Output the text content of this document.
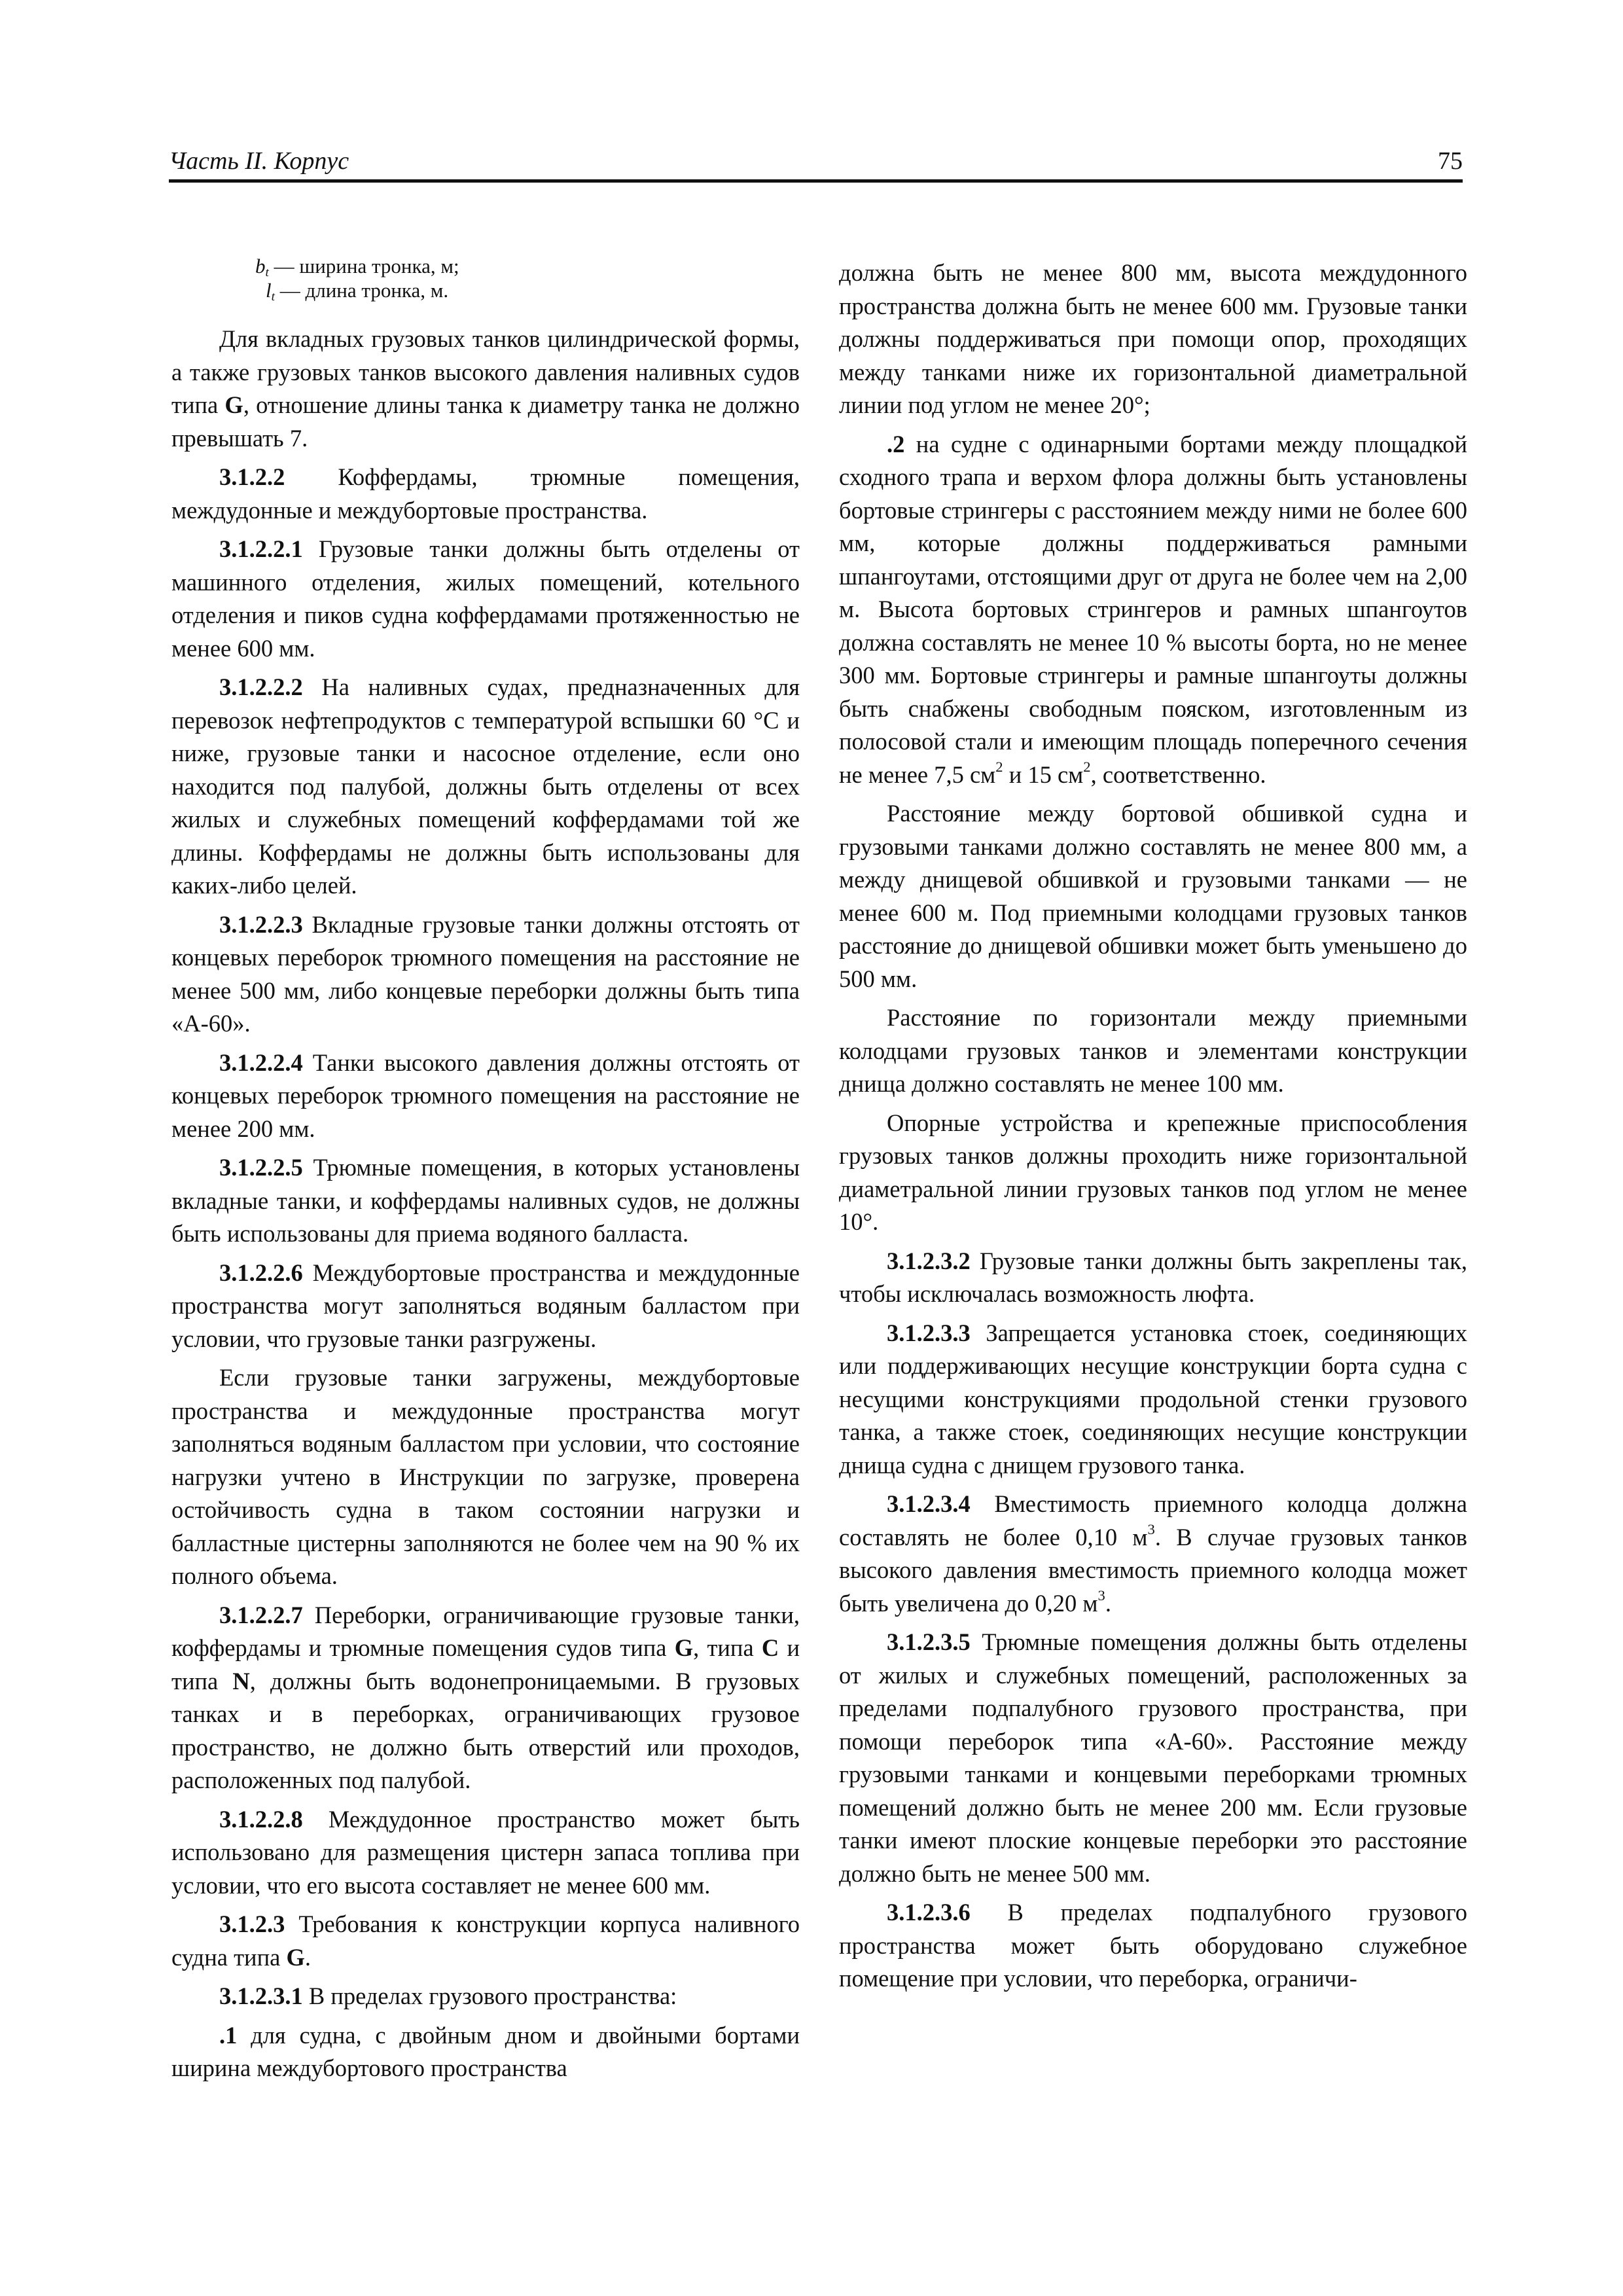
Часть II. Корпус	75
$b_t$ — ширина тронка, м;
$l_t$ — длина тронка, м.

Для вкладных грузовых танков цилиндрической формы, а также грузовых танков высокого давления наливных судов типа G, отношение длины танка к диаметру танка не должно превышать 7.

3.1.2.2 Коффердамы, трюмные помещения, междудонные и междубортовые пространства.

3.1.2.2.1 Грузовые танки должны быть отделены от машинного отделения, жилых помещений, котельного отделения и пиков судна коффердамами протяженностью не менее 600 мм.

3.1.2.2.2 На наливных судах, предназначенных для перевозок нефтепродуктов с температурой вспышки 60 °C и ниже, грузовые танки и насосное отделение, если оно находится под палубой, должны быть отделены от всех жилых и служебных помещений коффердамами той же длины. Коффердамы не должны быть использованы для каких-либо целей.

3.1.2.2.3 Вкладные грузовые танки должны отстоять от концевых переборок трюмного помещения на расстояние не менее 500 мм, либо концевые переборки должны быть типа «А-60».

3.1.2.2.4 Танки высокого давления должны отстоять от концевых переборок трюмного помещения на расстояние не менее 200 мм.

3.1.2.2.5 Трюмные помещения, в которых установлены вкладные танки, и коффердамы наливных судов, не должны быть использованы для приема водяного балласта.

3.1.2.2.6 Междубортовые пространства и междудонные пространства могут заполняться водяным балластом при условии, что грузовые танки разгружены.

Если грузовые танки загружены, междубортовые пространства и междудонные пространства могут заполняться водяным балластом при условии, что состояние нагрузки учтено в Инструкции по загрузке, проверена остойчивость судна в таком состоянии нагрузки и балластные цистерны заполняются не более чем на 90 % их полного объема.

3.1.2.2.7 Переборки, ограничивающие грузовые танки, коффердамы и трюмные помещения судов типа G, типа C и типа N, должны быть водонепроницаемыми. В грузовых танках и в переборках, ограничивающих грузовое пространство, не должно быть отверстий или проходов, расположенных под палубой.

3.1.2.2.8 Междудонное пространство может быть использовано для размещения цистерн запаса топлива при условии, что его высота составляет не менее 600 мм.

3.1.2.3 Требования к конструкции корпуса наливного судна типа G.

3.1.2.3.1 В пределах грузового пространства:

.1 для судна, с двойным дном и двойными бортами ширина междубортового пространства

должна быть не менее 800 мм, высота междудонного пространства должна быть не менее 600 мм. Грузовые танки должны поддерживаться при помощи опор, проходящих между танками ниже их горизонтальной диаметральной линии под углом не менее 20°;

.2 на судне с одинарными бортами между площадкой сходного трапа и верхом флора должны быть установлены бортовые стрингеры с расстоянием между ними не более 600 мм, которые должны поддерживаться рамными шпангоутами, отстоящими друг от друга не более чем на 2,00 м. Высота бортовых стрингеров и рамных шпангоутов должна составлять не менее 10 % высоты борта, но не менее 300 мм. Бортовые стрингеры и рамные шпангоуты должны быть снабжены свободным пояском, изготовленным из полосовой стали и имеющим площадь поперечного сечения не менее 7,5 $см^2$ и 15 $см^2$, соответственно.

Расстояние между бортовой обшивкой судна и грузовыми танками должно составлять не менее 800 мм, а между днищевой обшивкой и грузовыми танками — не менее 600 м. Под приемными колодцами грузовых танков расстояние до днищевой обшивки может быть уменьшено до 500 мм.

Расстояние по горизонтали между приемными колодцами грузовых танков и элементами конструкции днища должно составлять не менее 100 мм.

Опорные устройства и крепежные приспособления грузовых танков должны проходить ниже горизонтальной диаметральной линии грузовых танков под углом не менее 10°.

3.1.2.3.2 Грузовые танки должны быть закреплены так, чтобы исключалась возможность люфта.

3.1.2.3.3 Запрещается установка стоек, соединяющих или поддерживающих несущие конструкции борта судна с несущими конструкциями продольной стенки грузового танка, а также стоек, соединяющих несущие конструкции днища судна с днищем грузового танка.

3.1.2.3.4 Вместимость приемного колодца должна составлять не более 0,10 $м^3$. В случае грузовых танков высокого давления вместимость приемного колодца может быть увеличена до 0,20 $м^3$.

3.1.2.3.5 Трюмные помещения должны быть отделены от жилых и служебных помещений, расположенных за пределами подпалубного грузового пространства, при помощи переборок типа «А-60». Расстояние между грузовыми танками и концевыми переборками трюмных помещений должно быть не менее 200 мм. Если грузовые танки имеют плоские концевые переборки это расстояние должно быть не менее 500 мм.

3.1.2.3.6 В пределах подпалубного грузового пространства может быть оборудовано служебное помещение при условии, что переборка, ограничи-
